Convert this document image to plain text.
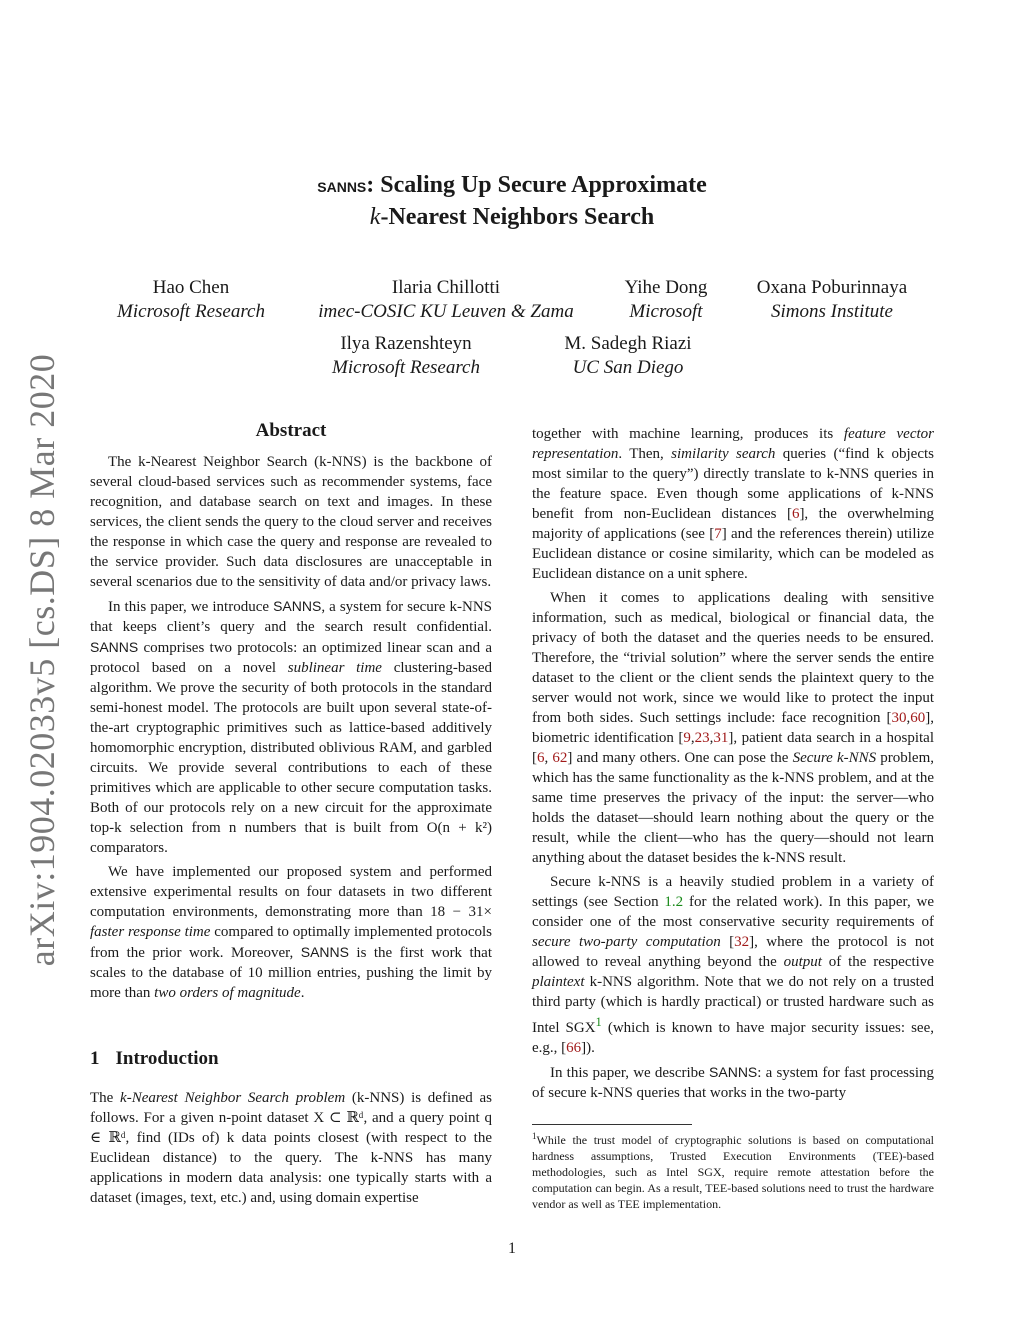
arXiv:1904.02033v5 [cs.DS] 8 Mar 2020
SANNS: Scaling Up Secure Approximate
k-Nearest Neighbors Search
Hao Chen
Microsoft Research
Ilaria Chillotti
imec-COSIC KU Leuven & Zama
Yihe Dong
Microsoft
Oxana Poburinnaya
Simons Institute
Ilya Razenshteyn
Microsoft Research
M. Sadegh Riazi
UC San Diego
Abstract

The k-Nearest Neighbor Search (k-NNS) is the backbone of several cloud-based services such as recommender systems, face recognition, and database search on text and images. In these services, the client sends the query to the cloud server and receives the response in which case the query and response are revealed to the service provider. Such data disclosures are unacceptable in several scenarios due to the sensitivity of data and/or privacy laws.

In this paper, we introduce SANNS, a system for secure k-NNS that keeps client’s query and the search result confidential. SANNS comprises two protocols: an optimized linear scan and a protocol based on a novel sublinear time clustering-based algorithm. We prove the security of both protocols in the standard semi-honest model. The protocols are built upon several state-of-the-art cryptographic primitives such as lattice-based additively homomorphic encryption, distributed oblivious RAM, and garbled circuits. We provide several contributions to each of these primitives which are applicable to other secure computation tasks. Both of our protocols rely on a new circuit for the approximate top-k selection from n numbers that is built from O(n + k²) comparators.

We have implemented our proposed system and performed extensive experimental results on four datasets in two different computation environments, demonstrating more than 18 − 31× faster response time compared to optimally implemented protocols from the prior work. Moreover, SANNS is the first work that scales to the database of 10 million entries, pushing the limit by more than two orders of magnitude.

1 Introduction

The k-Nearest Neighbor Search problem (k-NNS) is defined as follows. For a given n-point dataset X ⊂ ℝᵈ, and a query point q ∈ ℝᵈ, find (IDs of) k data points closest (with respect to the Euclidean distance) to the query. The k-NNS has many applications in modern data analysis: one typically starts with a dataset (images, text, etc.) and, using domain expertise

together with machine learning, produces its feature vector representation. Then, similarity search queries (“find k objects most similar to the query”) directly translate to k-NNS queries in the feature space. Even though some applications of k-NNS benefit from non-Euclidean distances [6], the overwhelming majority of applications (see [7] and the references therein) utilize Euclidean distance or cosine similarity, which can be modeled as Euclidean distance on a unit sphere.

When it comes to applications dealing with sensitive information, such as medical, biological or financial data, the privacy of both the dataset and the queries needs to be ensured. Therefore, the “trivial solution” where the server sends the entire dataset to the client or the client sends the plaintext query to the server would not work, since we would like to protect the input from both sides. Such settings include: face recognition [30,60], biometric identification [9,23,31], patient data search in a hospital [6, 62] and many others. One can pose the Secure k-NNS problem, which has the same functionality as the k-NNS problem, and at the same time preserves the privacy of the input: the server—who holds the dataset—should learn nothing about the query or the result, while the client—who has the query—should not learn anything about the dataset besides the k-NNS result.

Secure k-NNS is a heavily studied problem in a variety of settings (see Section 1.2 for the related work). In this paper, we consider one of the most conservative security requirements of secure two-party computation [32], where the protocol is not allowed to reveal anything beyond the output of the respective plaintext k-NNS algorithm. Note that we do not rely on a trusted third party (which is hardly practical) or trusted hardware such as Intel SGX$^1$ (which is known to have major security issues: see, e.g., [66]).

In this paper, we describe SANNS: a system for fast processing of secure k-NNS queries that works in the two-party

$^1$While the trust model of cryptographic solutions is based on computational hardness assumptions, Trusted Execution Environments (TEE)-based methodologies, such as Intel SGX, require remote attestation before the computation can begin. As a result, TEE-based solutions need to trust the hardware vendor as well as TEE implementation.
1
